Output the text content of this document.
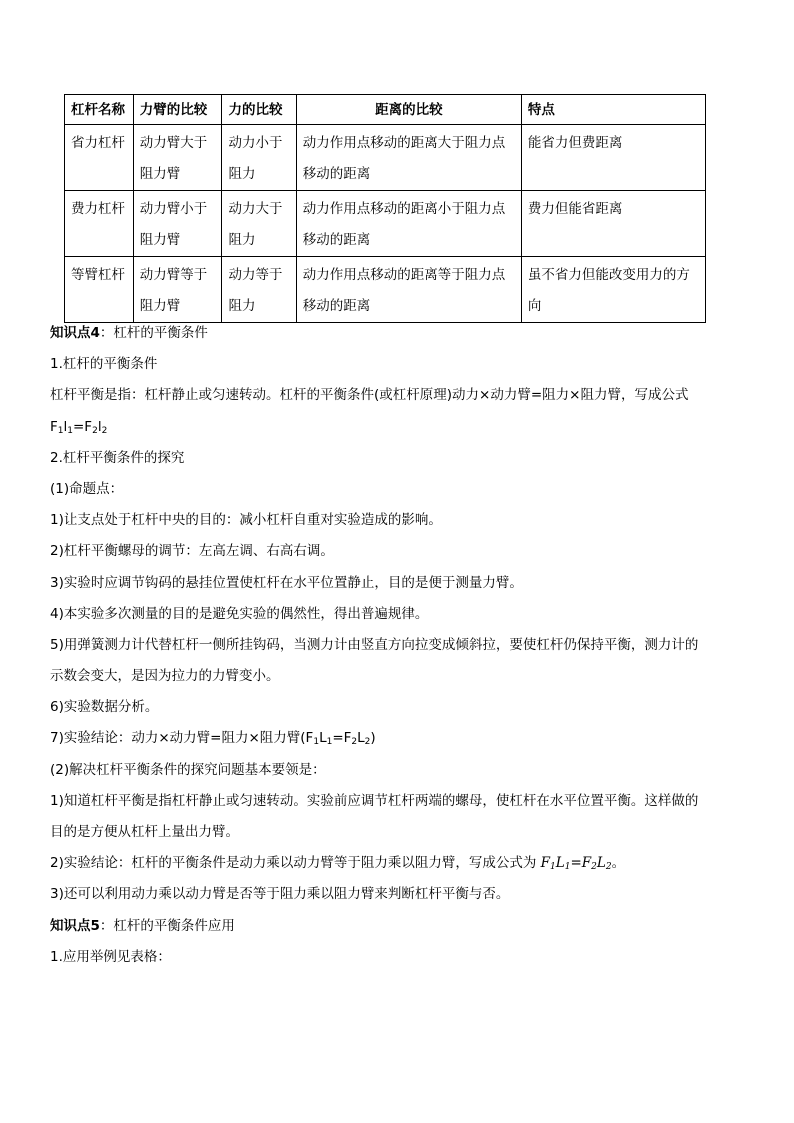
杠杆名称	力臂的比较	力的比较	距离的比较	特点
省力杠杆	动力臂大于阻力臂	动力小于阻力	动力作用点移动的距离大于阻力点移动的距离	能省力但费距离
费力杠杆	动力臂小于阻力臂	动力大于阻力	动力作用点移动的距离小于阻力点移动的距离	费力但能省距离
等臂杠杆	动力臂等于阻力臂	动力等于阻力	动力作用点移动的距离等于阻力点移动的距离	虽不省力但能改变用力的方向
知识点4：杠杆的平衡条件
1.杠杆的平衡条件
杠杆平衡是指：杠杆静止或匀速转动。杠杆的平衡条件(或杠杆原理)动力×动力臂=阻力×阻力臂，写成公式
$F_1l_1=F_2l_2$
2.杠杆平衡条件的探究
(1)命题点：
1)让支点处于杠杆中央的目的：减小杠杆自重对实验造成的影响。
2)杠杆平衡螺母的调节：左高左调、右高右调。
3)实验时应调节钩码的悬挂位置使杠杆在水平位置静止，目的是便于测量力臂。
4)本实验多次测量的目的是避免实验的偶然性，得出普遍规律。
5)用弹簧测力计代替杠杆一侧所挂钩码，当测力计由竖直方向拉变成倾斜拉，要使杠杆仍保持平衡，测力计的
示数会变大，是因为拉力的力臂变小。
6)实验数据分析。
7)实验结论：动力×动力臂=阻力×阻力臂$(F_1L_1=F_2L_2)$
(2)解决杠杆平衡条件的探究问题基本要领是：
1)知道杠杆平衡是指杠杆静止或匀速转动。实验前应调节杠杆两端的螺母，使杠杆在水平位置平衡。这样做的
目的是方便从杠杆上量出力臂。
2)实验结论：杠杆的平衡条件是动力乘以动力臂等于阻力乘以阻力臂，写成公式为 $F_1L_1=F_2L_2$。
3)还可以利用动力乘以动力臂是否等于阻力乘以阻力臂来判断杠杆平衡与否。
知识点5：杠杆的平衡条件应用
1.应用举例见表格：
